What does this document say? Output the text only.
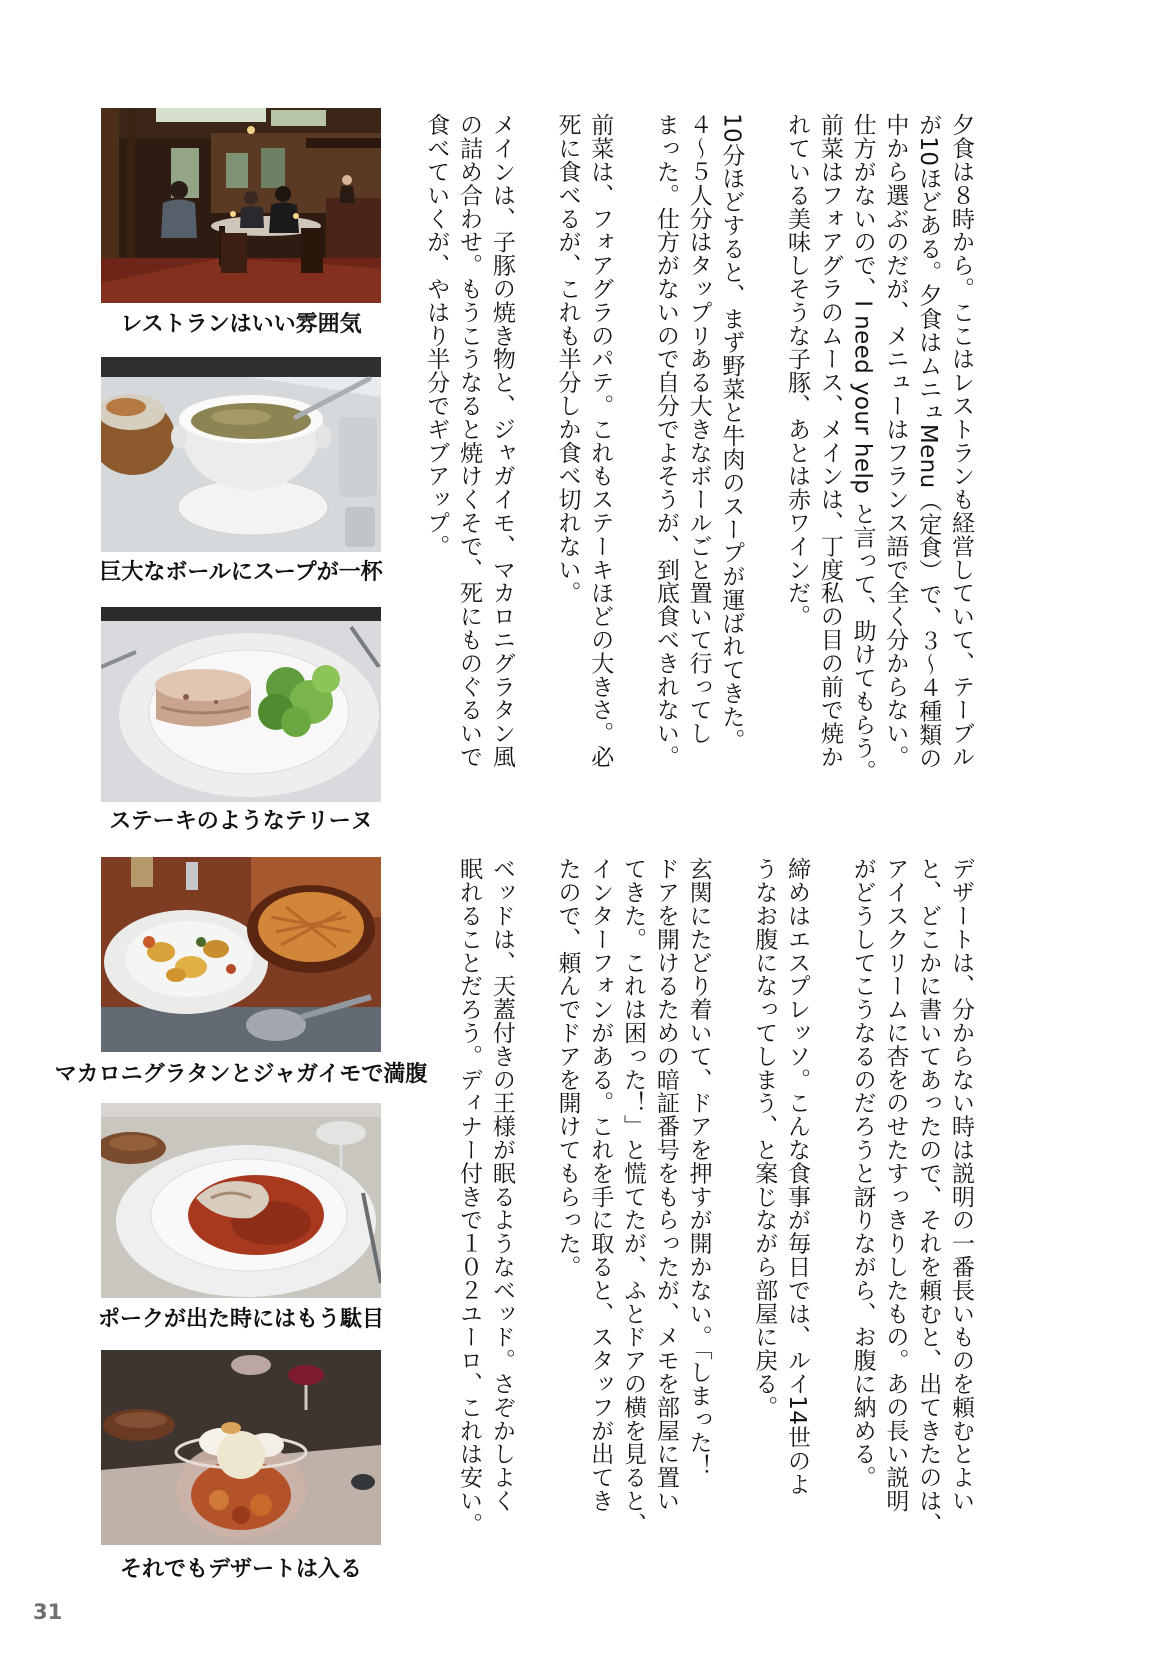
レストランはいい雰囲気
巨大なボールにスープが一杯
ステーキのようなテリーヌ
マカロニグラタンとジャガイモで満腹
ポークが出た時にはもう駄目
それでもデザートは入る
夕食は８時から。ここはレストランも経営していて、テーブル
が10ほどある。夕食はムニュMenu（定食）で、３～４種類の
中から選ぶのだが、メニューはフランス語で全く分からない。
仕方がないので、I need your help と言って、助けてもらう。
前菜はフォアグラのムース、メインは、丁度私の目の前で焼か
れている美味しそうな子豚、あとは赤ワインだ。
10分ほどすると、まず野菜と牛肉のスープが運ばれてきた。
４～５人分はタップリある大きなボールごと置いて行ってし
まった。仕方がないので自分でよそうが、到底食べきれない。
前菜は、フォアグラのパテ。これもステーキほどの大きさ。必
死に食べるが、これも半分しか食べ切れない。
メインは、子豚の焼き物と、ジャガイモ、マカロニグラタン風
の詰め合わせ。もうこうなると焼けくそで、死にものぐるいで
食べていくが、やはり半分でギブアップ。
デザートは、分からない時は説明の一番長いものを頼むとよい
と、どこかに書いてあったので、それを頼むと、出てきたのは、
アイスクリームに杏をのせたすっきりしたもの。あの長い説明
がどうしてこうなるのだろうと訝りながら、お腹に納める。
締めはエスプレッソ。こんな食事が毎日では、ルイ14世のよ
うなお腹になってしまう、と案じながら部屋に戻る。
玄関にたどり着いて、ドアを押すが開かない。「しまった！
ドアを開けるための暗証番号をもらったが、メモを部屋に置い
てきた。これは困った！」と慌てたが、ふとドアの横を見ると、
インターフォンがある。これを手に取ると、スタッフが出てき
たので、頼んでドアを開けてもらった。
ベッドは、天蓋付きの王様が眠るようなベッド。さぞかしよく
眠れることだろう。ディナー付きで１０２ユーロ、これは安い。
31
